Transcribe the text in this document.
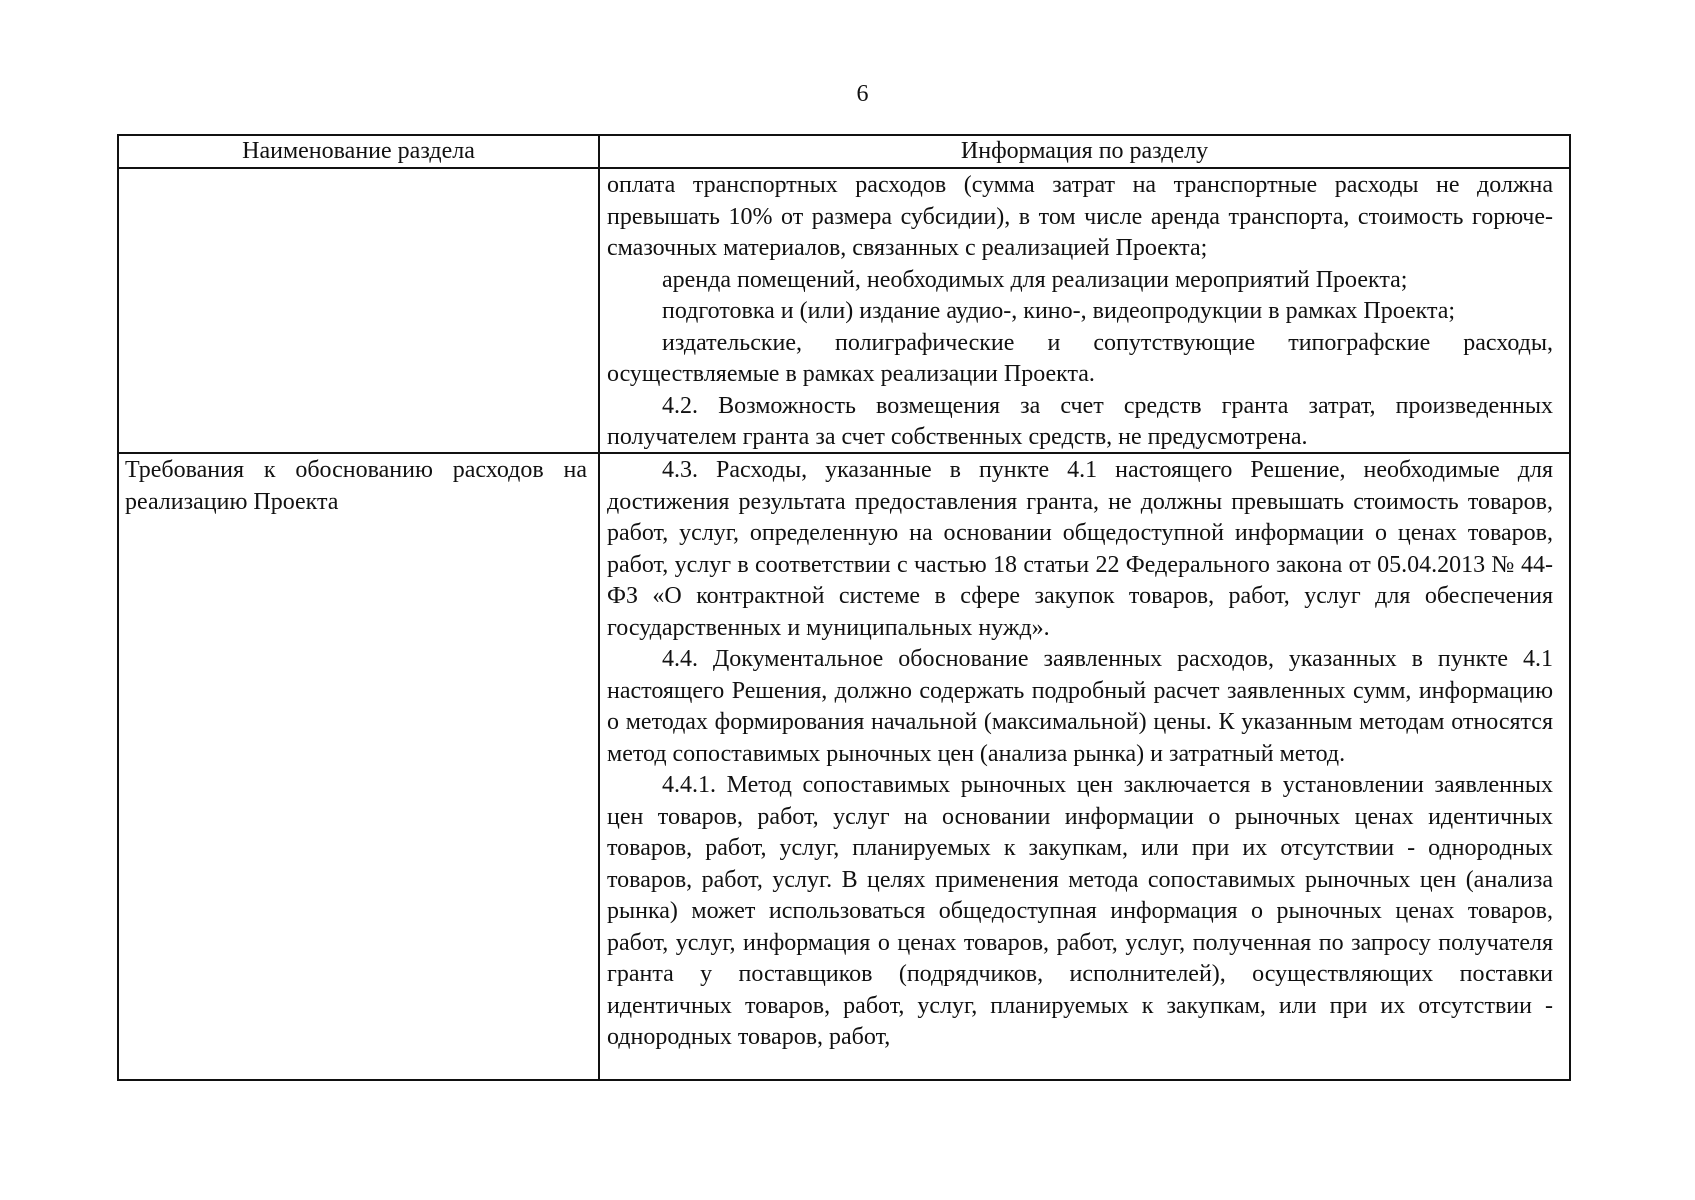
6
Наименование раздела	Информация по разделу

оплата транспортных расходов (сумма затрат на транспортные расходы не должна превышать 10% от размера субсидии), в том числе аренда транспорта, стоимость горюче-смазочных материалов, связанных с реализацией Проекта;

аренда помещений, необходимых для реализации мероприятий Проекта;

подготовка и (или) издание аудио-, кино-, видеопродукции в рамках Проекта;

издательские, полиграфические и сопутствующие типографские расходы, осуществляемые в рамках реализации Проекта.

4.2. Возможность возмещения за счет средств гранта затрат, произведенных получателем гранта за счет собственных средств, не предусмотрена.

Требования к обоснованию расходов на реализацию Проекта

4.3. Расходы, указанные в пункте 4.1 настоящего Решение, необходимые для достижения результата предоставления гранта, не должны превышать стоимость товаров, работ, услуг, определенную на основании общедоступной информации о ценах товаров, работ, услуг в соответствии с частью 18 статьи 22 Федерального закона от 05.04.2013 № 44-ФЗ «О контрактной системе в сфере закупок товаров, работ, услуг для обеспечения государственных и муниципальных нужд».

4.4. Документальное обоснование заявленных расходов, указанных в пункте 4.1 настоящего Решения, должно содержать подробный расчет заявленных сумм, информацию о методах формирования начальной (максимальной) цены. К указанным методам относятся метод сопоставимых рыночных цен (анализа рынка) и затратный метод.

4.4.1. Метод сопоставимых рыночных цен заключается в установлении заявленных цен товаров, работ, услуг на основании информации о рыночных ценах идентичных товаров, работ, услуг, планируемых к закупкам, или при их отсутствии - однородных товаров, работ, услуг. В целях применения метода сопоставимых рыночных цен (анализа рынка) может использоваться общедоступная информация о рыночных ценах товаров, работ, услуг, информация о ценах товаров, работ, услуг, полученная по запросу получателя гранта у поставщиков (подрядчиков, исполнителей), осуществляющих поставки идентичных товаров, работ, услуг, планируемых к закупкам, или при их отсутствии - однородных товаров, работ,
